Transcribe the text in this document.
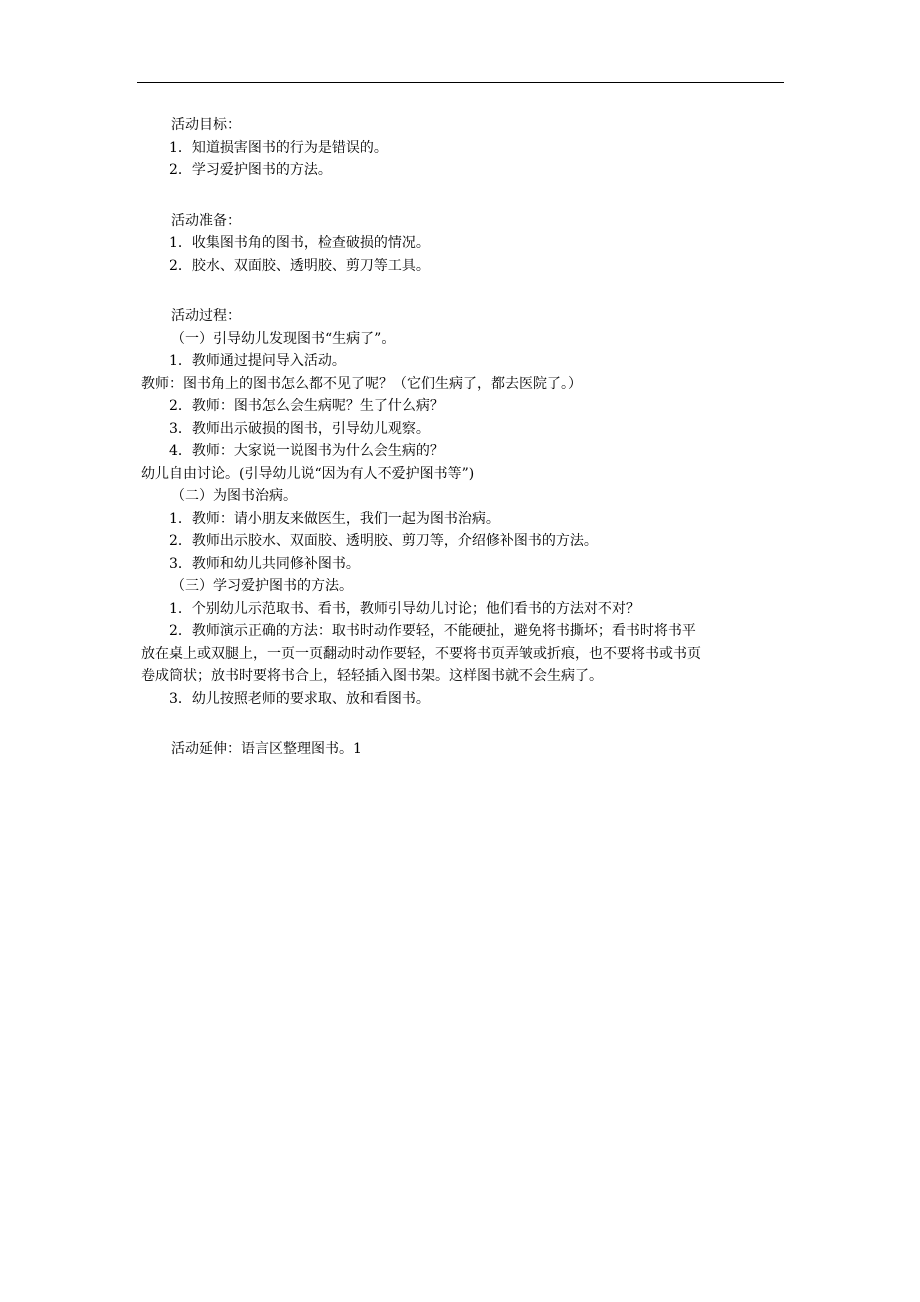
活动目标：
1．知道损害图书的行为是错误的。
2．学习爱护图书的方法。
活动准备：
1．收集图书角的图书，检查破损的情况。
2．胶水、双面胶、透明胶、剪刀等工具。
活动过程：
（一）引导幼儿发现图书“生病了”。
1．教师通过提问导入活动。
教师：图书角上的图书怎么都不见了呢？（它们生病了，都去医院了。）
2．教师：图书怎么会生病呢？生了什么病？
3．教师出示破损的图书，引导幼儿观察。
4．教师：大家说一说图书为什么会生病的？
幼儿自由讨论。(引导幼儿说“因为有人不爱护图书等”)
（二）为图书治病。
1．教师：请小朋友来做医生，我们一起为图书治病。
2．教师出示胶水、双面胶、透明胶、剪刀等，介绍修补图书的方法。
3．教师和幼儿共同修补图书。
（三）学习爱护图书的方法。
1．个别幼儿示范取书、看书，教师引导幼儿讨论；他们看书的方法对不对？
2．教师演示正确的方法：取书时动作要轻，不能硬扯，避免将书撕坏；看书时将书平
放在桌上或双腿上，一页一页翻动时动作要轻，不要将书页弄皱或折痕，也不要将书或书页
卷成筒状；放书时要将书合上，轻轻插入图书架。这样图书就不会生病了。
3．幼儿按照老师的要求取、放和看图书。
活动延伸：语言区整理图书。1
